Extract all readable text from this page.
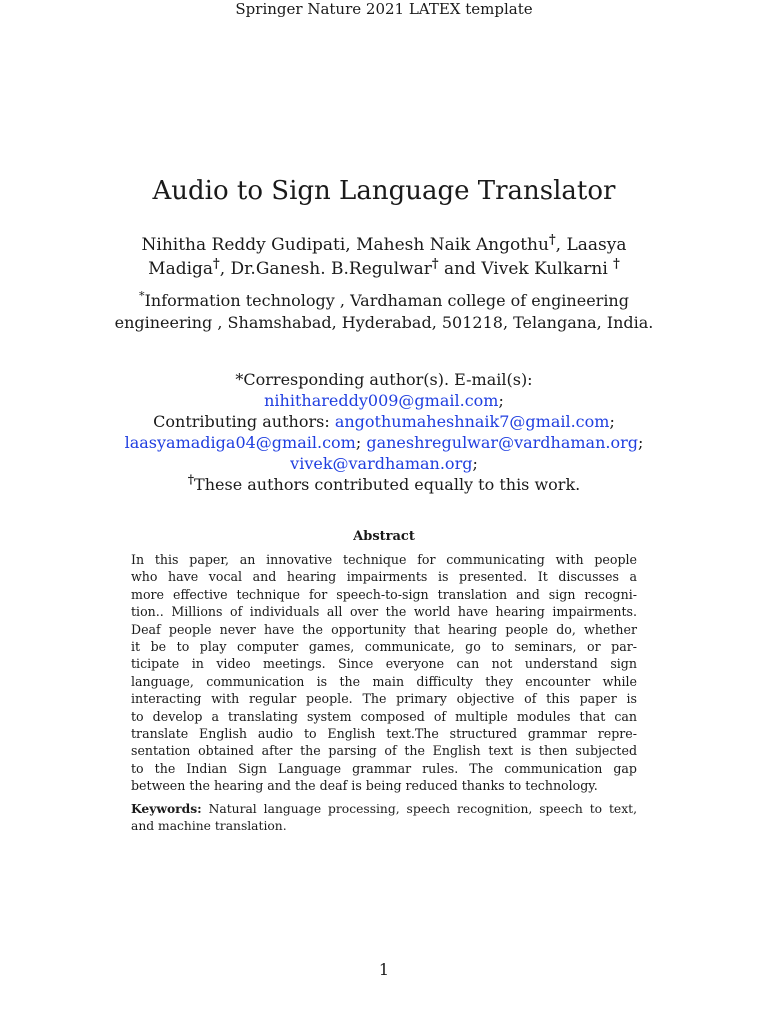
Springer Nature 2021 LATEX template
Audio to Sign Language Translator
Nihitha Reddy Gudipati, Mahesh Naik Angothu†, Laasya
Madiga†, Dr.Ganesh. B.Regulwar† and Vivek Kulkarni †
*Information technology , Vardhaman college of engineering
engineering , Shamshabad, Hyderabad, 501218, Telangana, India.
*Corresponding author(s). E-mail(s):
nihithareddy009@gmail.com;
Contributing authors: angothumaheshnaik7@gmail.com;
laasyamadiga04@gmail.com; ganeshregulwar@vardhaman.org;
vivek@vardhaman.org;
†These authors contributed equally to this work.
Abstract
In this paper, an innovative technique for communicating with people
who have vocal and hearing impairments is presented. It discusses a
more effective technique for speech-to-sign translation and sign recogni-
tion.. Millions of individuals all over the world have hearing impairments.
Deaf people never have the opportunity that hearing people do, whether
it be to play computer games, communicate, go to seminars, or par-
ticipate in video meetings. Since everyone can not understand sign
language, communication is the main difficulty they encounter while
interacting with regular people. The primary objective of this paper is
to develop a translating system composed of multiple modules that can
translate English audio to English text.The structured grammar repre-
sentation obtained after the parsing of the English text is then subjected
to the Indian Sign Language grammar rules. The communication gap
between the hearing and the deaf is being reduced thanks to technology.
Keywords: Natural language processing, speech recognition, speech to text,
and machine translation.
1
